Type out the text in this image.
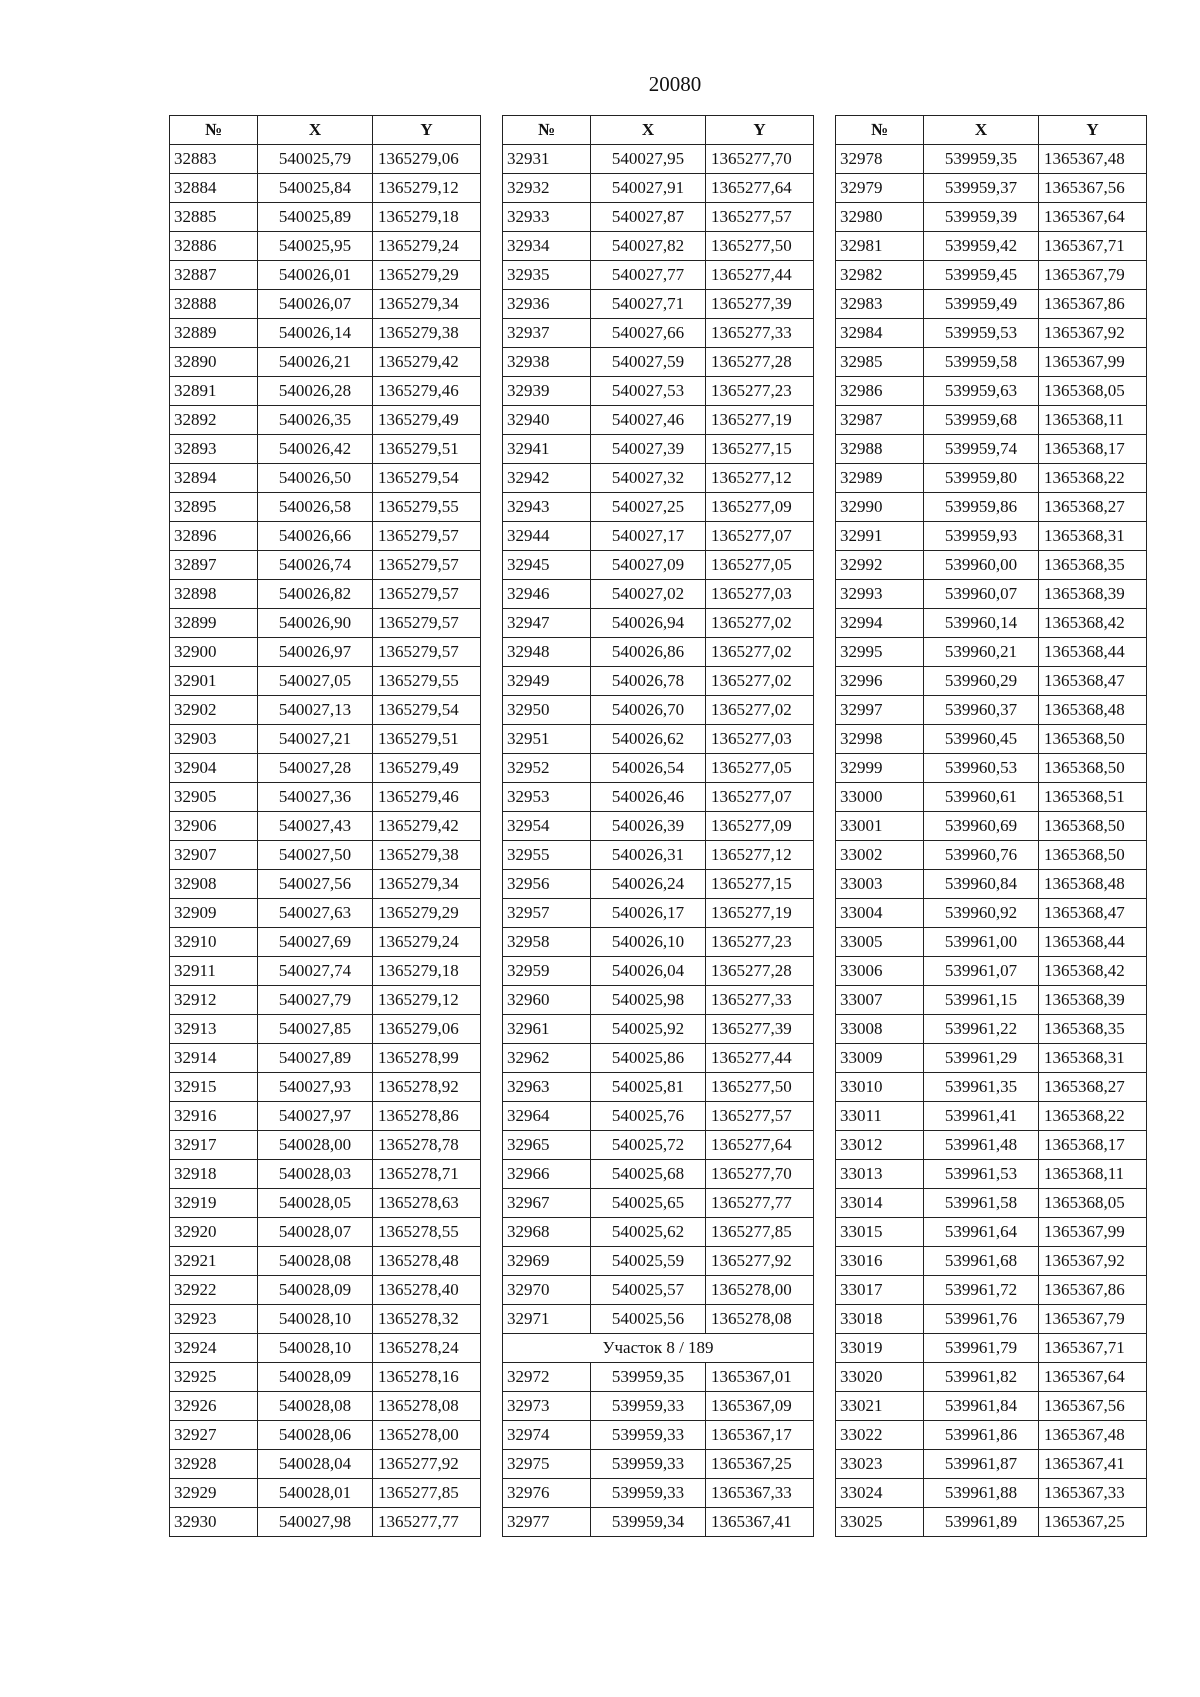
20080
№	X	Y
32883	540025,79	1365279,06
32884	540025,84	1365279,12
32885	540025,89	1365279,18
32886	540025,95	1365279,24
32887	540026,01	1365279,29
32888	540026,07	1365279,34
32889	540026,14	1365279,38
32890	540026,21	1365279,42
32891	540026,28	1365279,46
32892	540026,35	1365279,49
32893	540026,42	1365279,51
32894	540026,50	1365279,54
32895	540026,58	1365279,55
32896	540026,66	1365279,57
32897	540026,74	1365279,57
32898	540026,82	1365279,57
32899	540026,90	1365279,57
32900	540026,97	1365279,57
32901	540027,05	1365279,55
32902	540027,13	1365279,54
32903	540027,21	1365279,51
32904	540027,28	1365279,49
32905	540027,36	1365279,46
32906	540027,43	1365279,42
32907	540027,50	1365279,38
32908	540027,56	1365279,34
32909	540027,63	1365279,29
32910	540027,69	1365279,24
32911	540027,74	1365279,18
32912	540027,79	1365279,12
32913	540027,85	1365279,06
32914	540027,89	1365278,99
32915	540027,93	1365278,92
32916	540027,97	1365278,86
32917	540028,00	1365278,78
32918	540028,03	1365278,71
32919	540028,05	1365278,63
32920	540028,07	1365278,55
32921	540028,08	1365278,48
32922	540028,09	1365278,40
32923	540028,10	1365278,32
32924	540028,10	1365278,24
32925	540028,09	1365278,16
32926	540028,08	1365278,08
32927	540028,06	1365278,00
32928	540028,04	1365277,92
32929	540028,01	1365277,85
32930	540027,98	1365277,77
№	X	Y
32931	540027,95	1365277,70
32932	540027,91	1365277,64
32933	540027,87	1365277,57
32934	540027,82	1365277,50
32935	540027,77	1365277,44
32936	540027,71	1365277,39
32937	540027,66	1365277,33
32938	540027,59	1365277,28
32939	540027,53	1365277,23
32940	540027,46	1365277,19
32941	540027,39	1365277,15
32942	540027,32	1365277,12
32943	540027,25	1365277,09
32944	540027,17	1365277,07
32945	540027,09	1365277,05
32946	540027,02	1365277,03
32947	540026,94	1365277,02
32948	540026,86	1365277,02
32949	540026,78	1365277,02
32950	540026,70	1365277,02
32951	540026,62	1365277,03
32952	540026,54	1365277,05
32953	540026,46	1365277,07
32954	540026,39	1365277,09
32955	540026,31	1365277,12
32956	540026,24	1365277,15
32957	540026,17	1365277,19
32958	540026,10	1365277,23
32959	540026,04	1365277,28
32960	540025,98	1365277,33
32961	540025,92	1365277,39
32962	540025,86	1365277,44
32963	540025,81	1365277,50
32964	540025,76	1365277,57
32965	540025,72	1365277,64
32966	540025,68	1365277,70
32967	540025,65	1365277,77
32968	540025,62	1365277,85
32969	540025,59	1365277,92
32970	540025,57	1365278,00
32971	540025,56	1365278,08
Участок 8 / 189		
32972	539959,35	1365367,01
32973	539959,33	1365367,09
32974	539959,33	1365367,17
32975	539959,33	1365367,25
32976	539959,33	1365367,33
32977	539959,34	1365367,41
№	X	Y
32978	539959,35	1365367,48
32979	539959,37	1365367,56
32980	539959,39	1365367,64
32981	539959,42	1365367,71
32982	539959,45	1365367,79
32983	539959,49	1365367,86
32984	539959,53	1365367,92
32985	539959,58	1365367,99
32986	539959,63	1365368,05
32987	539959,68	1365368,11
32988	539959,74	1365368,17
32989	539959,80	1365368,22
32990	539959,86	1365368,27
32991	539959,93	1365368,31
32992	539960,00	1365368,35
32993	539960,07	1365368,39
32994	539960,14	1365368,42
32995	539960,21	1365368,44
32996	539960,29	1365368,47
32997	539960,37	1365368,48
32998	539960,45	1365368,50
32999	539960,53	1365368,50
33000	539960,61	1365368,51
33001	539960,69	1365368,50
33002	539960,76	1365368,50
33003	539960,84	1365368,48
33004	539960,92	1365368,47
33005	539961,00	1365368,44
33006	539961,07	1365368,42
33007	539961,15	1365368,39
33008	539961,22	1365368,35
33009	539961,29	1365368,31
33010	539961,35	1365368,27
33011	539961,41	1365368,22
33012	539961,48	1365368,17
33013	539961,53	1365368,11
33014	539961,58	1365368,05
33015	539961,64	1365367,99
33016	539961,68	1365367,92
33017	539961,72	1365367,86
33018	539961,76	1365367,79
33019	539961,79	1365367,71
33020	539961,82	1365367,64
33021	539961,84	1365367,56
33022	539961,86	1365367,48
33023	539961,87	1365367,41
33024	539961,88	1365367,33
33025	539961,89	1365367,25
